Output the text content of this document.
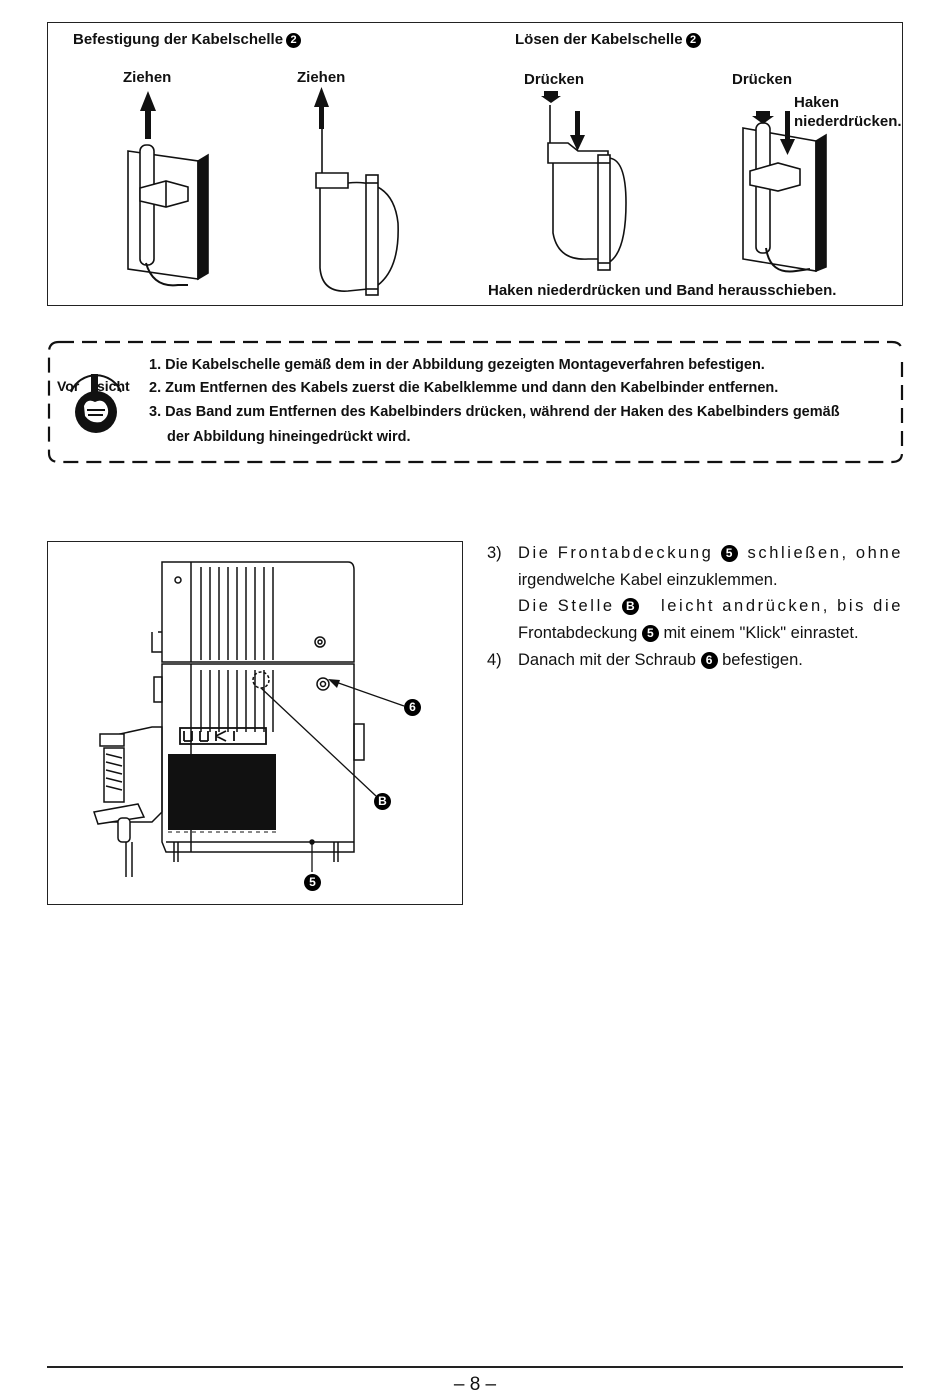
Befestigung der Kabelschelle 2	Lösen der Kabelschelle 2
Ziehen	Ziehen	Drücken	Drücken
Haken
niederdrücken.
Haken niederdrücken und Band herausschieben.
Vor sicht
1. Die Kabelschelle gemäß dem in der Abbildung gezeigten Montageverfahren befestigen.
2. Zum Entfernen des Kabels zuerst die Kabelklemme und dann den Kabelbinder entfernen.
3. Das Band zum Entfernen des Kabelbinders drücken, während der Haken des Kabelbinders gemäß
der Abbildung hineingedrückt wird.
6
B
5
3) Die Frontabdeckung 5 schließen, ohne
irgendwelche Kabel einzuklemmen.
Die Stelle B leicht andrücken, bis die
Frontabdeckung 5 mit einem "Klick" einrastet.
4) Danach mit der Schraub 6 befestigen.
– 8 –
